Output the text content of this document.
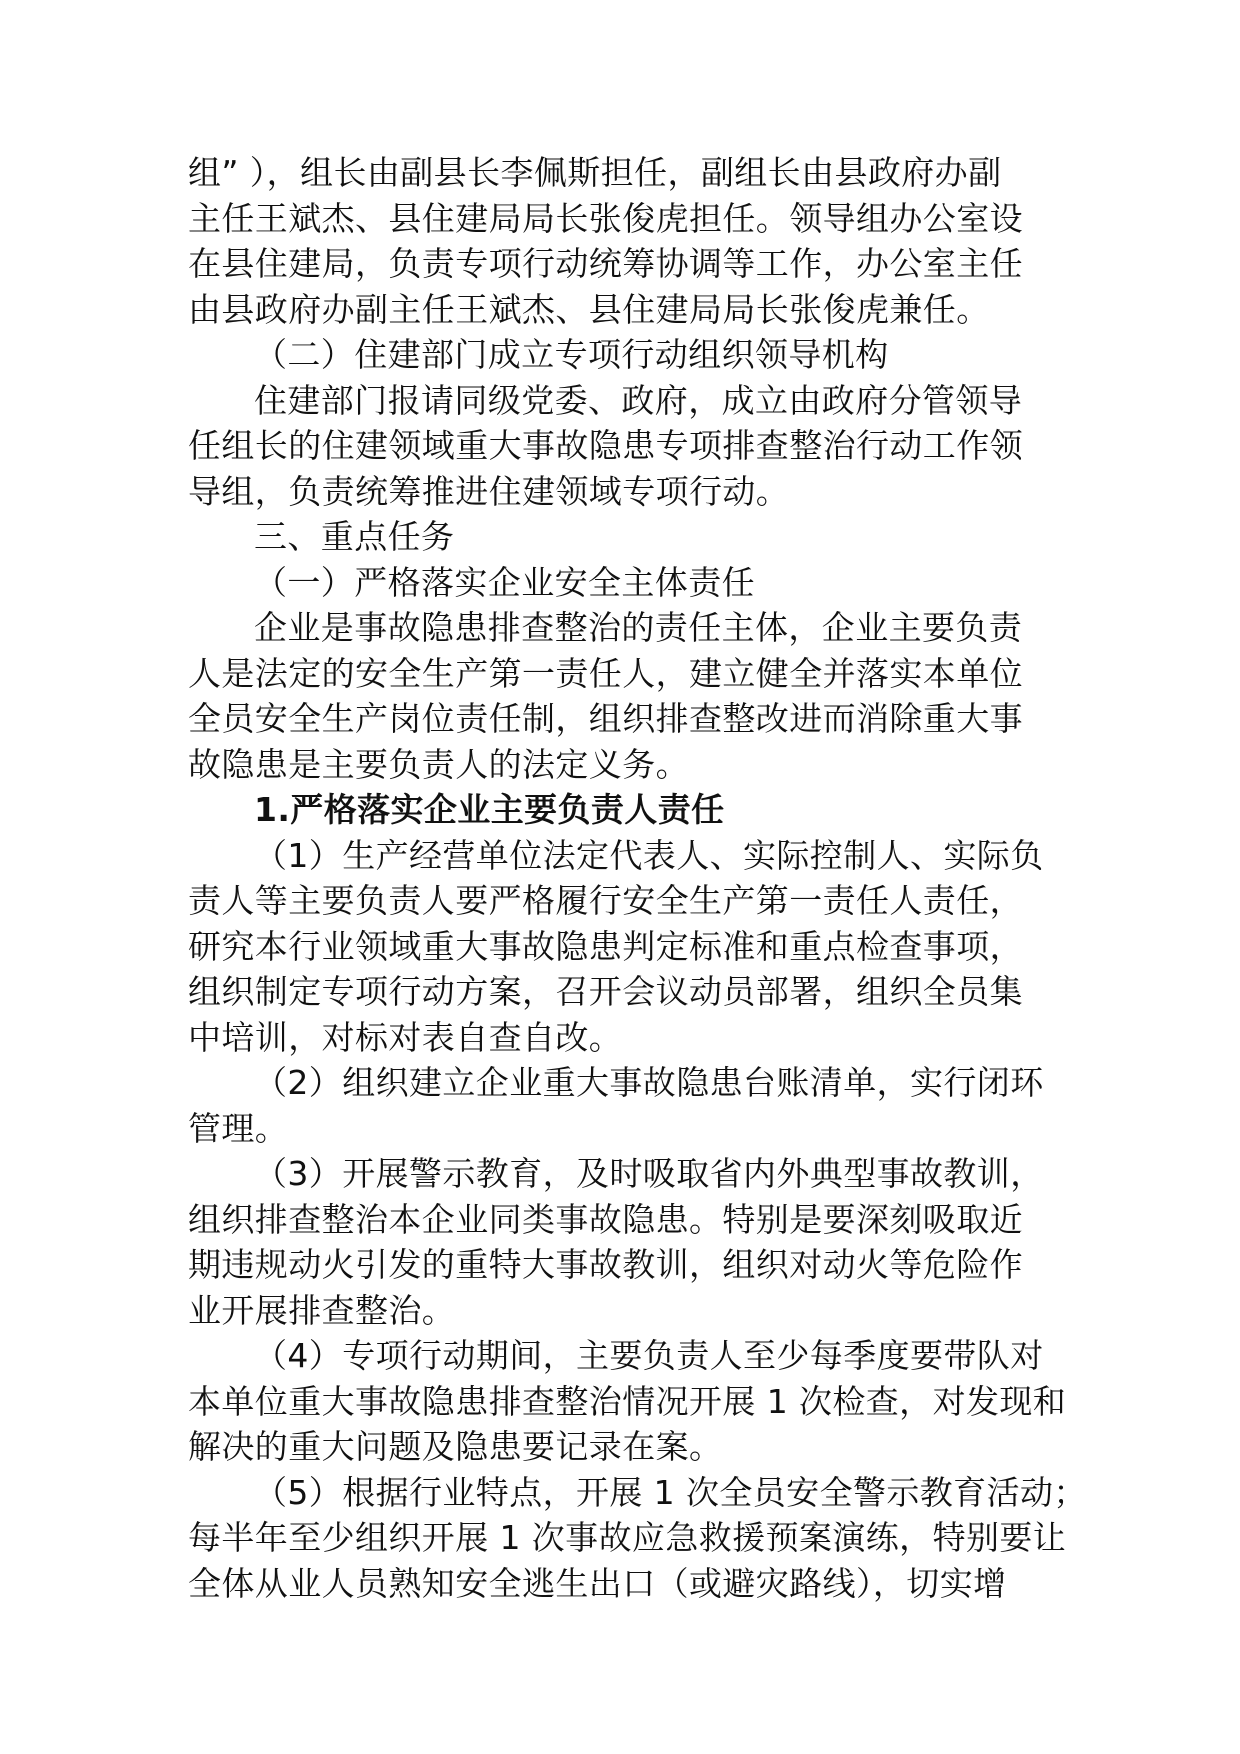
组” ），组长由副县长李佩斯担任，副组长由县政府办副
主任王斌杰、县住建局局长张俊虎担任。领导组办公室设
在县住建局，负责专项行动统筹协调等工作，办公室主任
由县政府办副主任王斌杰、县住建局局长张俊虎兼任。
（二）住建部门成立专项行动组织领导机构
住建部门报请同级党委、政府，成立由政府分管领导
任组长的住建领域重大事故隐患专项排查整治行动工作领
导组，负责统筹推进住建领域专项行动。
三、重点任务
（一）严格落实企业安全主体责任
企业是事故隐患排查整治的责任主体，企业主要负责
人是法定的安全生产第一责任人，建立健全并落实本单位
全员安全生产岗位责任制，组织排查整改进而消除重大事
故隐患是主要负责人的法定义务。
1.严格落实企业主要负责人责任
（1）生产经营单位法定代表人、实际控制人、实际负
责人等主要负责人要严格履行安全生产第一责任人责任，
研究本行业领域重大事故隐患判定标准和重点检查事项，
组织制定专项行动方案，召开会议动员部署，组织全员集
中培训，对标对表自查自改。
（2）组织建立企业重大事故隐患台账清单，实行闭环
管理。
（3）开展警示教育，及时吸取省内外典型事故教训，
组织排查整治本企业同类事故隐患。特别是要深刻吸取近
期违规动火引发的重特大事故教训，组织对动火等危险作
业开展排查整治。
（4）专项行动期间，主要负责人至少每季度要带队对
本单位重大事故隐患排查整治情况开展 1 次检查，对发现和
解决的重大问题及隐患要记录在案。
（5）根据行业特点，开展 1 次全员安全警示教育活动；
每半年至少组织开展 1 次事故应急救援预案演练，特别要让
全体从业人员熟知安全逃生出口（或避灾路线），切实增
